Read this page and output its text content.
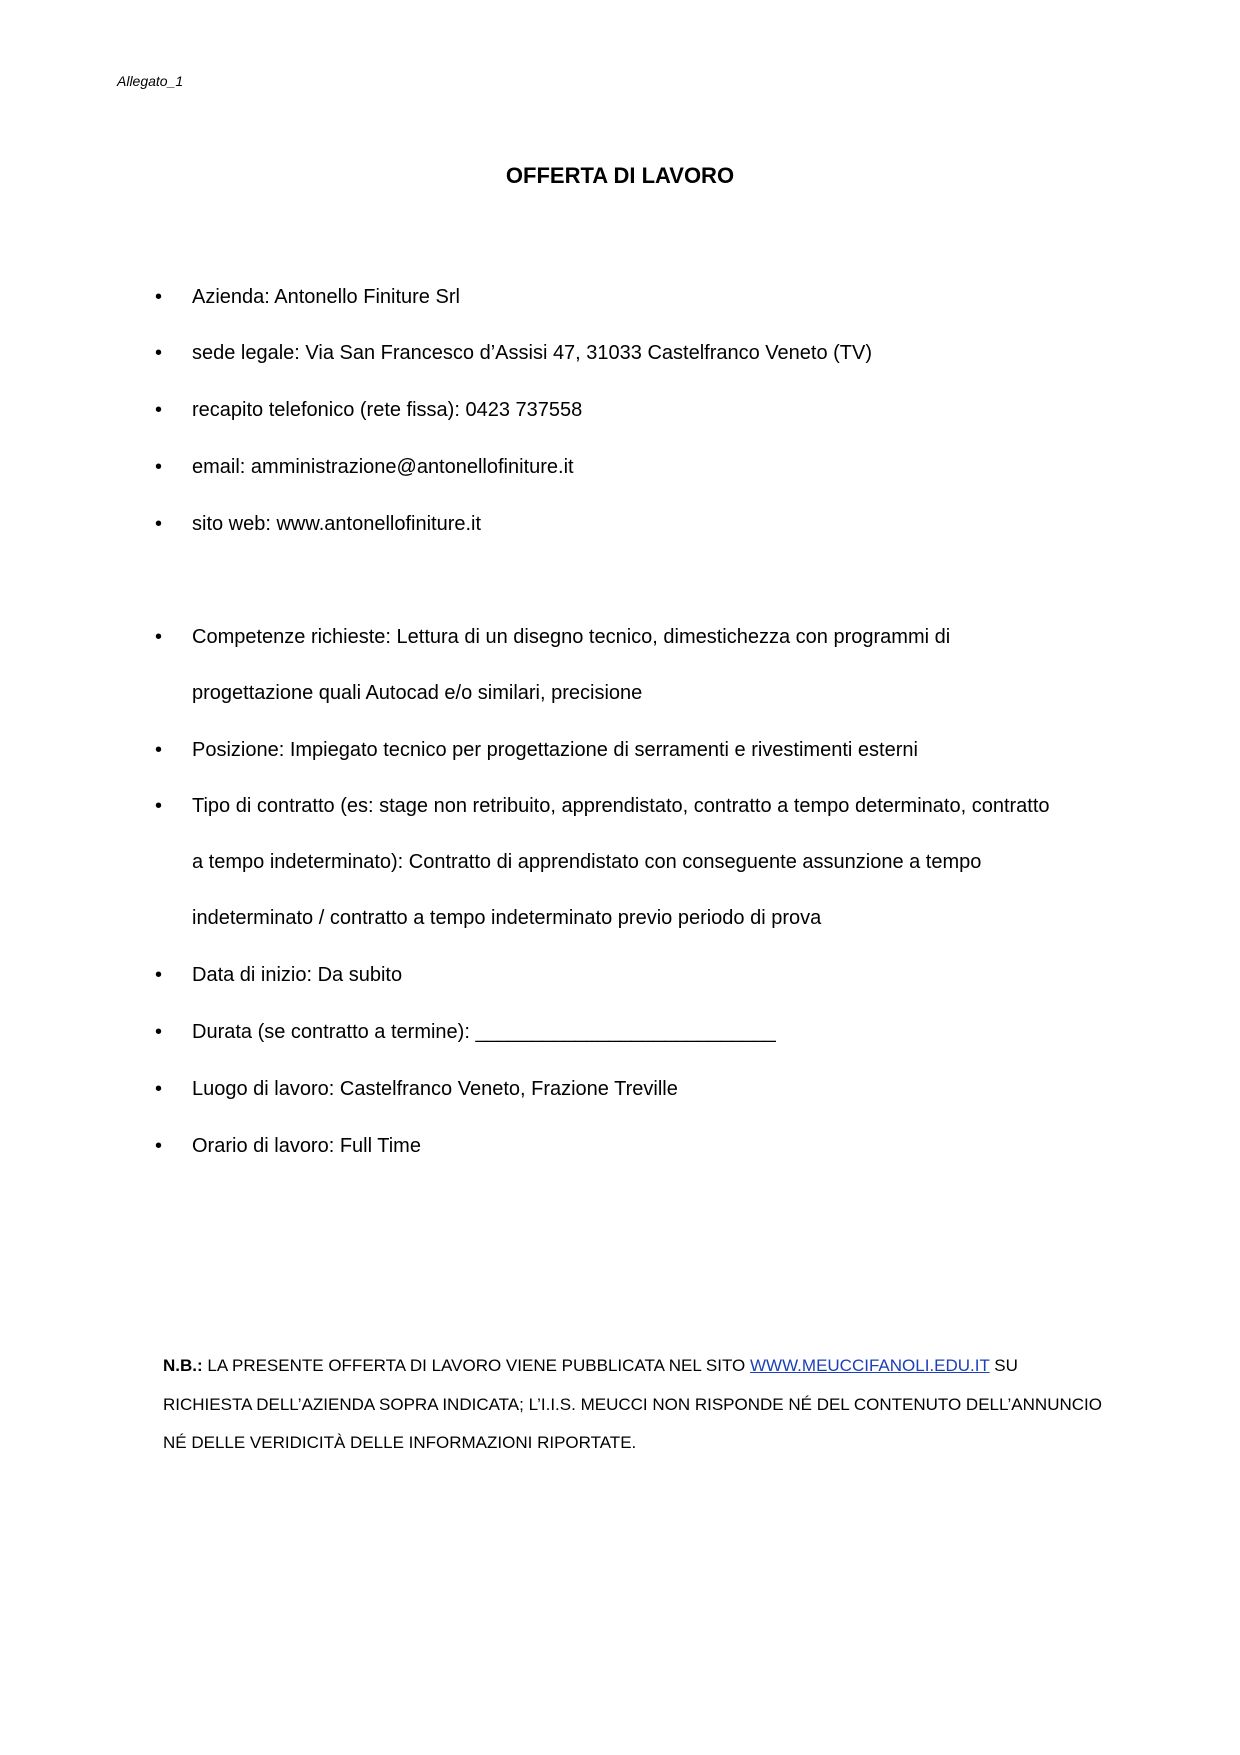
Allegato_1
OFFERTA DI LAVORO
• Azienda: Antonello Finiture Srl
• sede legale: Via San Francesco d’Assisi 47, 31033 Castelfranco Veneto (TV)
• recapito telefonico (rete fissa): 0423 737558
• email: amministrazione@antonellofiniture.it
• sito web: www.antonellofiniture.it
• Competenze richieste: Lettura di un disegno tecnico, dimestichezza con programmi di
progettazione quali Autocad e/o similari, precisione
• Posizione: Impiegato tecnico per progettazione di serramenti e rivestimenti esterni
• Tipo di contratto (es: stage non retribuito, apprendistato, contratto a tempo determinato, contratto
a tempo indeterminato): Contratto di apprendistato con conseguente assunzione a tempo
indeterminato / contratto a tempo indeterminato previo periodo di prova
• Data di inizio: Da subito
• Durata (se contratto a termine): ___________________________
• Luogo di lavoro: Castelfranco Veneto, Frazione Treville
• Orario di lavoro: Full Time
N.B.: LA PRESENTE OFFERTA DI LAVORO VIENE PUBBLICATA NEL SITO WWW.MEUCCIFANOLI.EDU.IT SU
RICHIESTA DELL’AZIENDA SOPRA INDICATA; L’I.I.S. MEUCCI NON RISPONDE NÉ DEL CONTENUTO DELL’ANNUNCIO
NÉ DELLE VERIDICITÀ DELLE INFORMAZIONI RIPORTATE.
